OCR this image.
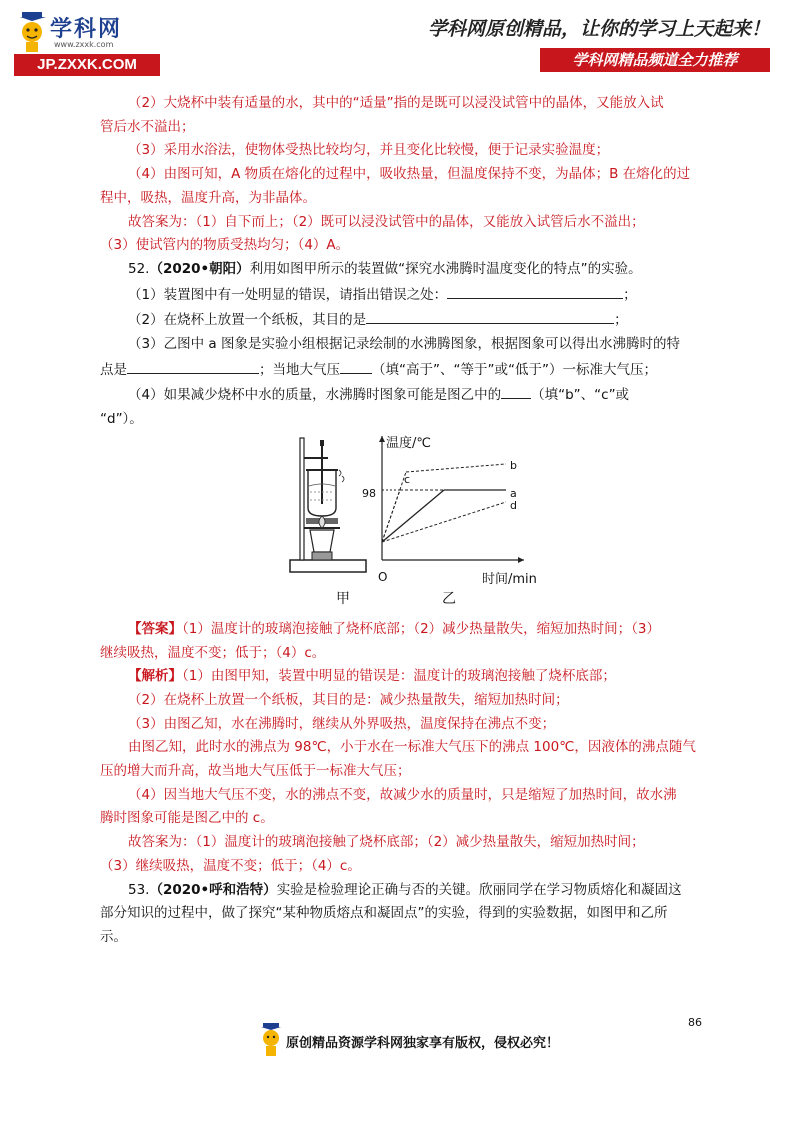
学科网
www.zxxk.com
JP.ZXXK.COM
学科网原创精品，让你的学习上天起来！
学科网精品频道全力推荐

（2）大烧杯中装有适量的水，其中的“适量”指的是既可以浸没试管中的晶体，又能放入试

管后水不溢出；

（3）采用水浴法，使物体受热比较均匀，并且变化比较慢，便于记录实验温度；

（4）由图可知，A 物质在熔化的过程中，吸收热量，但温度保持不变，为晶体；B 在熔化的过

程中，吸热，温度升高，为非晶体。

故答案为：（1）自下而上；（2）既可以浸没试管中的晶体，又能放入试管后水不溢出；

（3）使试管内的物质受热均匀；（4）A。

52.（2020•朝阳）利用如图甲所示的装置做“探究水沸腾时温度变化的特点”的实验。

（1）装置图中有一处明显的错误，请指出错误之处：	；

（2）在烧杯上放置一个纸板，其目的是	；

（3）乙图中 a 图象是实验小组根据记录绘制的水沸腾图象，根据图象可以得出水沸腾时的特

点是	；当地大气压 （填“高于”、“等于”或“低于”）一标准大气压；

（4）如果减少烧杯中水的质量，水沸腾时图象可能是图乙中的 （填“b”、“c”或

“d”）。

甲
温度/℃
时间/min
O
98
b
c
a
d
乙

【答案】（1）温度计的玻璃泡接触了烧杯底部；（2）减少热量散失，缩短加热时间；（3）

继续吸热，温度不变；低于；（4）c。

【解析】（1）由图甲知，装置中明显的错误是：温度计的玻璃泡接触了烧杯底部；

（2）在烧杯上放置一个纸板，其目的是：减少热量散失，缩短加热时间；

（3）由图乙知，水在沸腾时，继续从外界吸热，温度保持在沸点不变；

由图乙知，此时水的沸点为 98℃，小于水在一标准大气压下的沸点 100℃，因液体的沸点随气

压的增大而升高，故当地大气压低于一标准大气压；

（4）因当地大气压不变，水的沸点不变，故减少水的质量时，只是缩短了加热时间，故水沸

腾时图象可能是图乙中的 c。

故答案为：（1）温度计的玻璃泡接触了烧杯底部；（2）减少热量散失，缩短加热时间；

（3）继续吸热，温度不变；低于；（4）c。

53.（2020•呼和浩特）实验是检验理论正确与否的关键。欣丽同学在学习物质熔化和凝固这

部分知识的过程中，做了探究“某种物质熔点和凝固点”的实验，得到的实验数据，如图甲和乙所

示。

86
原创精品资源学科网独家享有版权，侵权必究！
